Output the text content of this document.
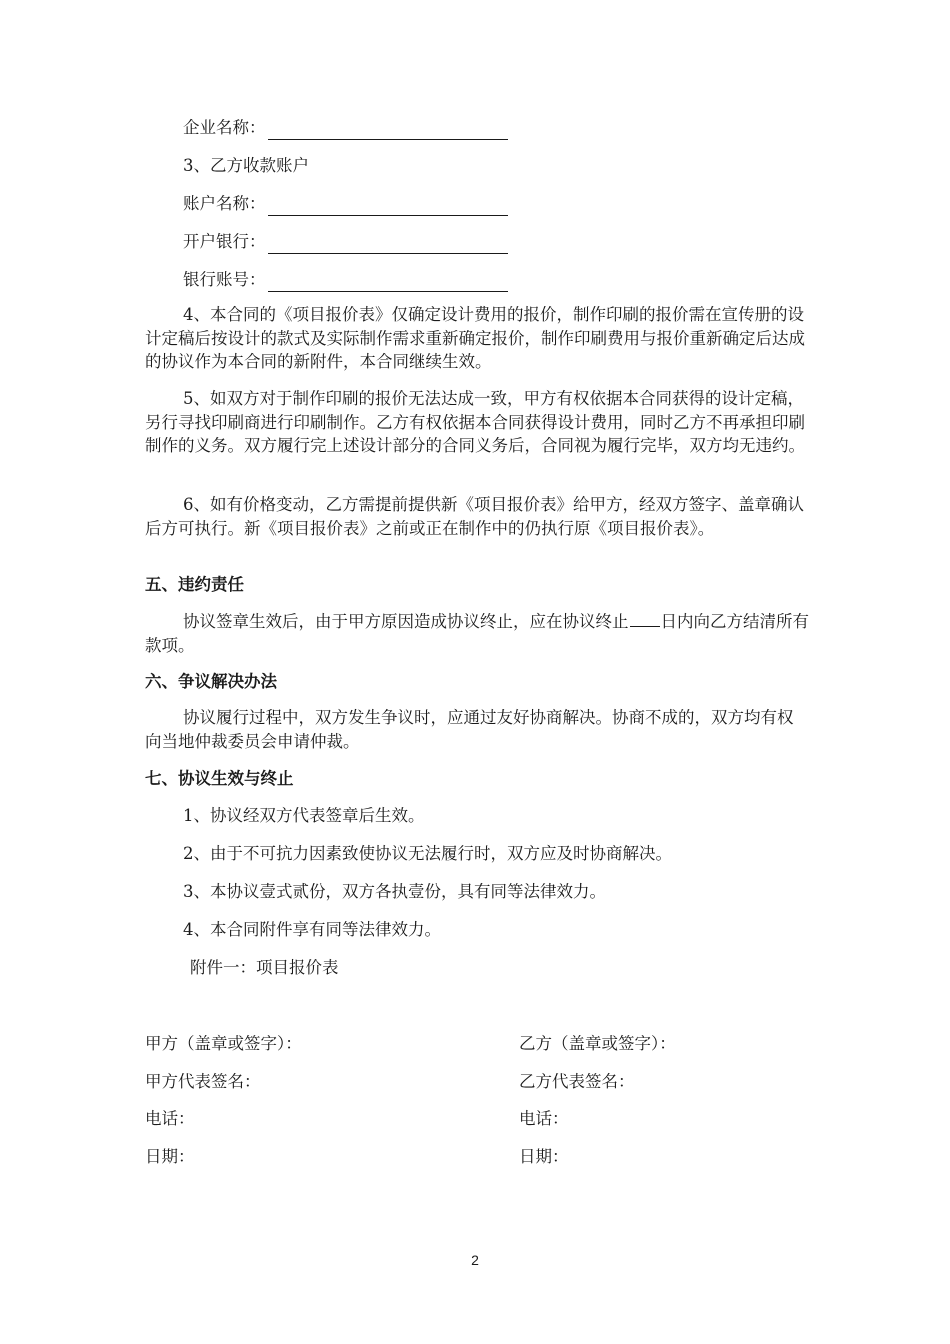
企业名称：
3、乙方收款账户
账户名称：
开户银行：
银行账号：
4、本合同的《项目报价表》仅确定设计费用的报价，制作印刷的报价需在宣传册的设计定稿后按设计的款式及实际制作需求重新确定报价，制作印刷费用与报价重新确定后达成的协议作为本合同的新附件，本合同继续生效。
5、如双方对于制作印刷的报价无法达成一致，甲方有权依据本合同获得的设计定稿，另行寻找印刷商进行印刷制作。乙方有权依据本合同获得设计费用，同时乙方不再承担印刷制作的义务。双方履行完上述设计部分的合同义务后，合同视为履行完毕，双方均无违约。
6、如有价格变动，乙方需提前提供新《项目报价表》给甲方，经双方签字、盖章确认后方可执行。新《项目报价表》之前或正在制作中的仍执行原《项目报价表》。
五、违约责任
协议签章生效后，由于甲方原因造成协议终止，应在协议终止 日内向乙方结清所有款项。
六、争议解决办法
协议履行过程中，双方发生争议时，应通过友好协商解决。协商不成的，双方均有权向当地仲裁委员会申请仲裁。
七、协议生效与终止
1、协议经双方代表签章后生效。
2、由于不可抗力因素致使协议无法履行时，双方应及时协商解决。
3、本协议壹式贰份，双方各执壹份，具有同等法律效力。
4、本合同附件享有同等法律效力。
附件一：项目报价表
甲方（盖章或签字）：	乙方（盖章或签字）：
甲方代表签名：	乙方代表签名：
电话：	电话：
日期：	日期：
2
